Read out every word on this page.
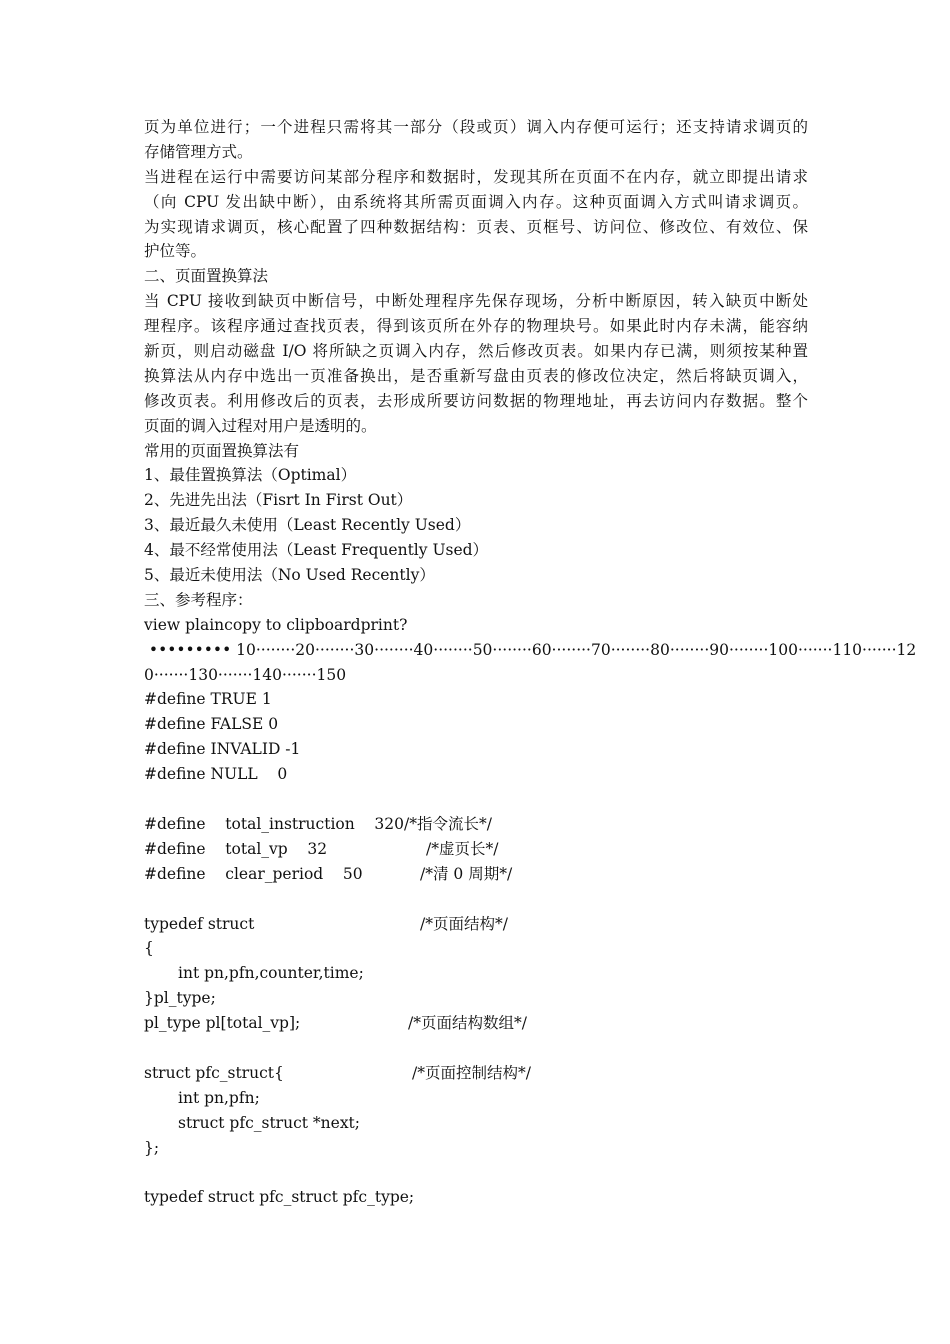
页为单位进行；一个进程只需将其一部分（段或页）调入内存便可运行；还支持请求调页的
存储管理方式。
当进程在运行中需要访问某部分程序和数据时，发现其所在页面不在内存，就立即提出请求
（向 CPU 发出缺中断），由系统将其所需页面调入内存。这种页面调入方式叫请求调页。
为实现请求调页，核心配置了四种数据结构：页表、页框号、访问位、修改位、有效位、保
护位等。
二、页面置换算法
当 CPU 接收到缺页中断信号，中断处理程序先保存现场，分析中断原因，转入缺页中断处
理程序。该程序通过查找页表，得到该页所在外存的物理块号。如果此时内存未满，能容纳
新页，则启动磁盘 I/O 将所缺之页调入内存，然后修改页表。如果内存已满，则须按某种置
换算法从内存中选出一页准备换出，是否重新写盘由页表的修改位决定，然后将缺页调入，
修改页表。利用修改后的页表，去形成所要访问数据的物理地址，再去访问内存数据。整个
页面的调入过程对用户是透明的。
常用的页面置换算法有
1、最佳置换算法（Optimal）
2、先进先出法（Fisrt In First Out）
3、最近最久未使用（Least Recently Used）
4、最不经常使用法（Least Frequently Used）
5、最近未使用法（No Used Recently）
三、参考程序：
view plaincopy to clipboardprint?
••••••••• 10········20········30········40········50········60········70········80········90········100·······110·······12
0·······130·······140·······150
#define TRUE 1
#define FALSE 0
#define INVALID -1
#define NULL    0
#define    total_instruction    320 /*指令流长*/
#define    total_vp    32	/*虚页长*/
#define    clear_period    50	/*清 0 周期*/
typedef struct	/*页面结构*/
{
int pn,pfn,counter,time;
}pl_type;
pl_type pl[total_vp];	/*页面结构数组*/
struct pfc_struct{	/*页面控制结构*/
int pn,pfn;
struct pfc_struct *next;
};
typedef struct pfc_struct pfc_type;
